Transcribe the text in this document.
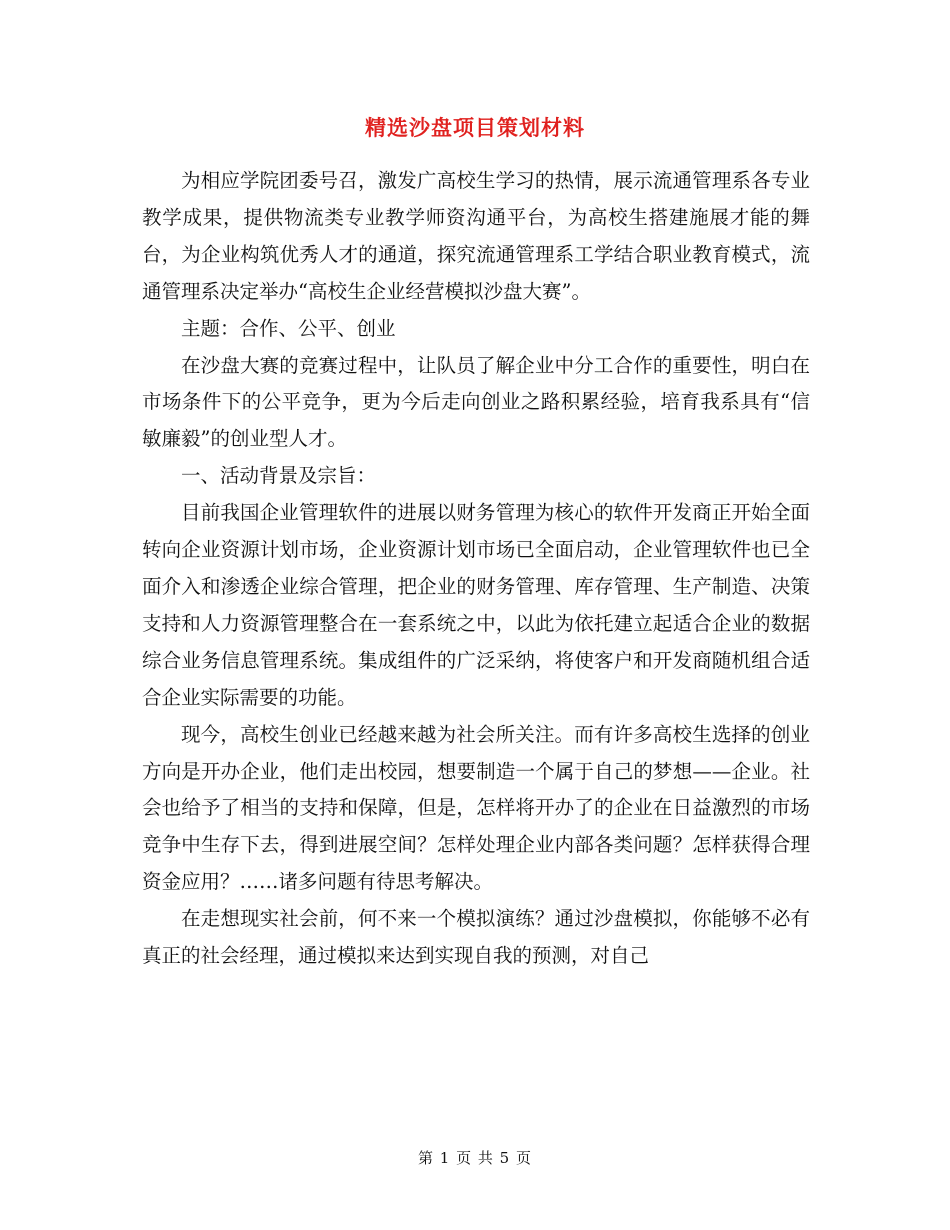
精选沙盘项目策划材料

为相应学院团委号召，激发广高校生学习的热情，展示流通管理系各专业教学成果，提供物流类专业教学师资沟通平台，为高校生搭建施展才能的舞台，为企业构筑优秀人才的通道，探究流通管理系工学结合职业教育模式，流通管理系决定举办“高校生企业经营模拟沙盘大赛”。

主题：合作、公平、创业

在沙盘大赛的竞赛过程中，让队员了解企业中分工合作的重要性，明白在市场条件下的公平竞争，更为今后走向创业之路积累经验，培育我系具有“信敏廉毅”的创业型人才。

一、活动背景及宗旨：

目前我国企业管理软件的进展以财务管理为核心的软件开发商正开始全面转向企业资源计划市场，企业资源计划市场已全面启动，企业管理软件也已全面介入和渗透企业综合管理，把企业的财务管理、库存管理、生产制造、决策支持和人力资源管理整合在一套系统之中，以此为依托建立起适合企业的数据综合业务信息管理系统。集成组件的广泛采纳，将使客户和开发商随机组合适合企业实际需要的功能。

现今，高校生创业已经越来越为社会所关注。而有许多高校生选择的创业方向是开办企业，他们走出校园，想要制造一个属于自己的梦想——企业。社会也给予了相当的支持和保障，但是，怎样将开办了的企业在日益激烈的市场竞争中生存下去，得到进展空间？怎样处理企业内部各类问题？怎样获得合理资金应用？……诸多问题有待思考解决。

在走想现实社会前，何不来一个模拟演练？通过沙盘模拟，你能够不必有真正的社会经理，通过模拟来达到实现自我的预测，对自己

第 1 页 共 5 页
